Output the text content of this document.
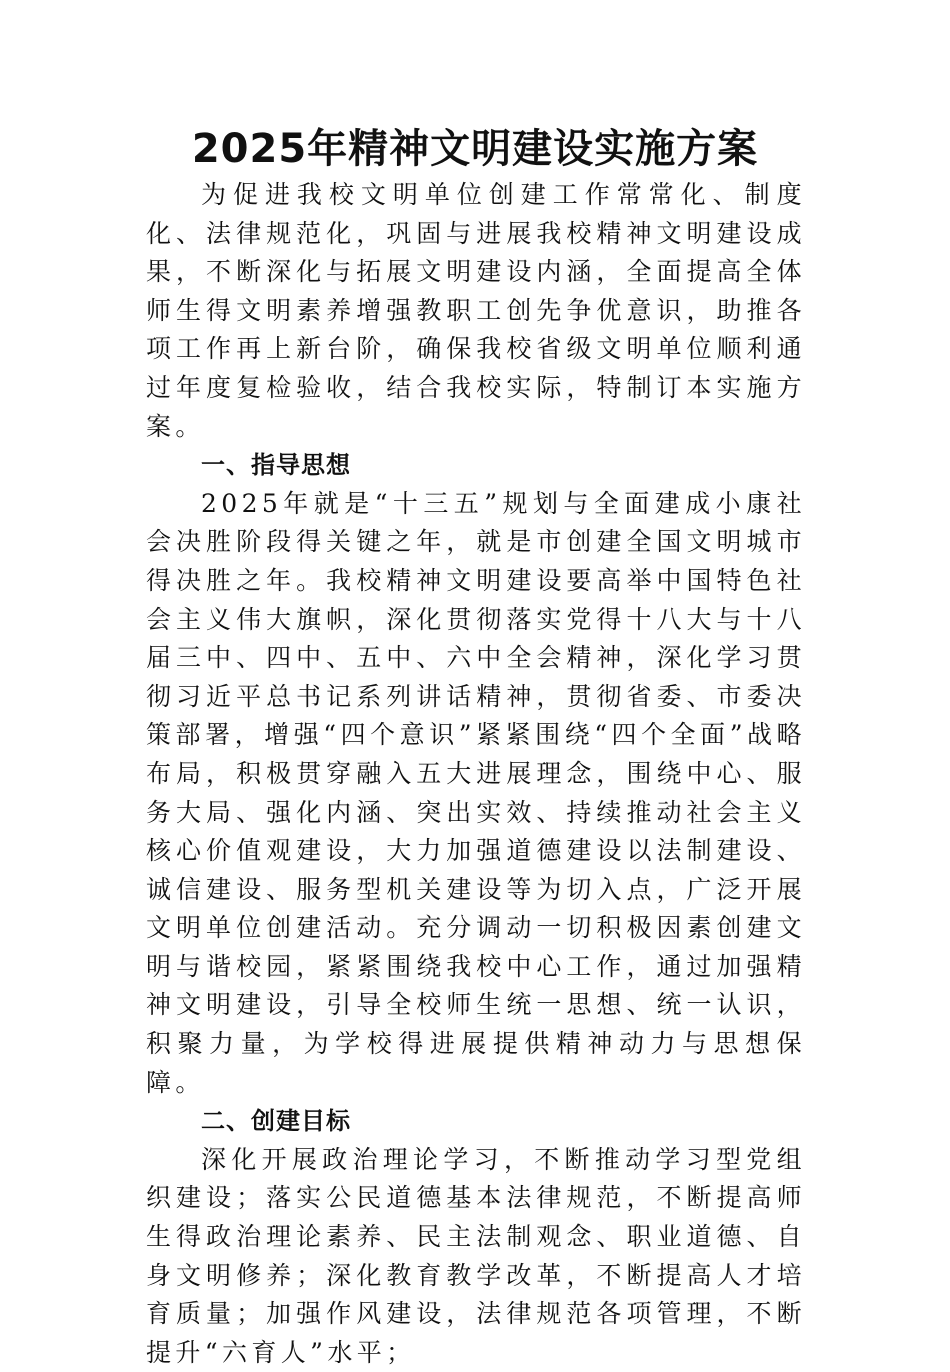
2025年精神文明建设实施方案

为促进我校文明单位创建工作常常化、制度化、法律规范化，巩固与进展我校精神文明建设成果，不断深化与拓展文明建设内涵，全面提高全体师生得文明素养增强教职工创先争优意识，助推各项工作再上新台阶，确保我校省级文明单位顺利通过年度复检验收，结合我校实际，特制订本实施方案。

一、指导思想

2025年就是“十三五”规划与全面建成小康社会决胜阶段得关键之年，就是市创建全国文明城市得决胜之年。我校精神文明建设要高举中国特色社会主义伟大旗帜，深化贯彻落实党得十八大与十八届三中、四中、五中、六中全会精神，深化学习贯彻习近平总书记系列讲话精神，贯彻省委、市委决策部署，增强“四个意识”紧紧围绕“四个全面”战略布局，积极贯穿融入五大进展理念，围绕中心、服务大局、强化内涵、突出实效、持续推动社会主义核心价值观建设，大力加强道德建设以法制建设、诚信建设、服务型机关建设等为切入点，广泛开展文明单位创建活动。充分调动一切积极因素创建文明与谐校园，紧紧围绕我校中心工作，通过加强精神文明建设，引导全校师生统一思想、统一认识，积聚力量，为学校得进展提供精神动力与思想保障。

二、创建目标

深化开展政治理论学习，不断推动学习型党组织建设；落实公民道德基本法律规范，不断提高师生得政治理论素养、民主法制观念、职业道德、自身文明修养；深化教育教学改革，不断提高人才培育质量；加强作风建设，法律规范各项管理，不断提升“六育人”水平；
